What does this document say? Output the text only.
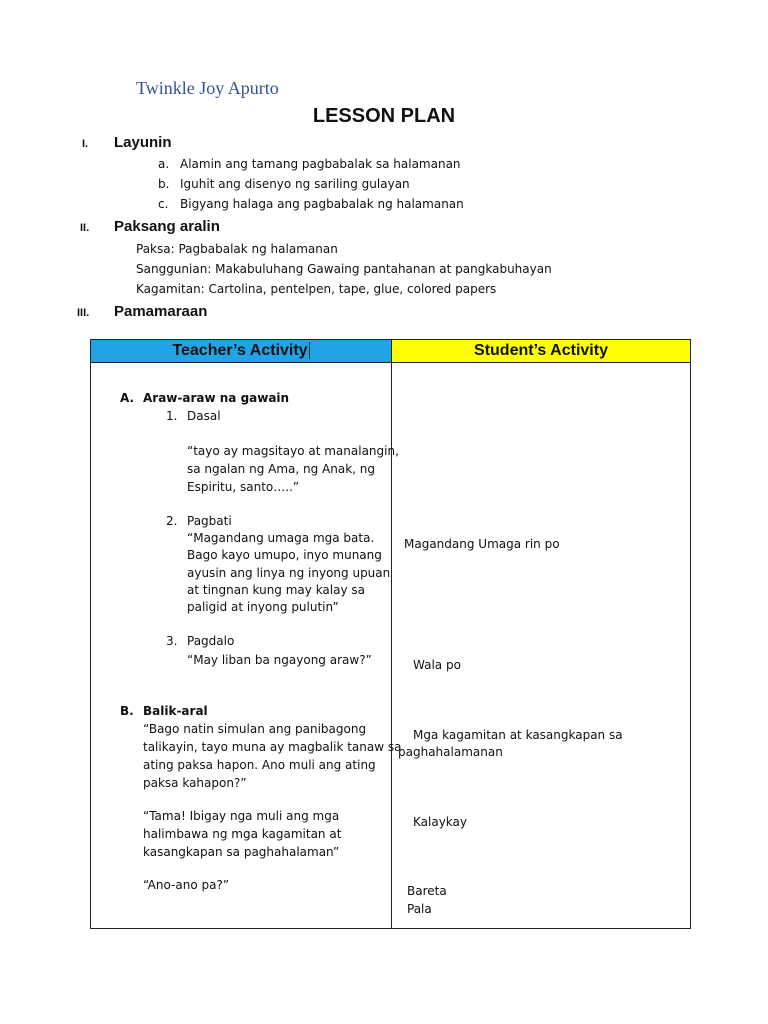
Twinkle Joy Apurto
LESSON PLAN
I. Layunin
a. Alamin ang tamang pagbabalak sa halamanan
b. Iguhit ang disenyo ng sariling gulayan
c. Bigyang halaga ang pagbabalak ng halamanan
II. Paksang aralin
Paksa: Pagbabalak ng halamanan
Sanggunian: Makabuluhang Gawaing pantahanan at pangkabuhayan
Kagamitan: Cartolina, pentelpen, tape, glue, colored papers
III. Pamamaraan
Teacher’s Activity	Student’s Activity
A. Araw-araw na gawain
1. Dasal
“tayo ay magsitayo at manalangin,
sa ngalan ng Ama, ng Anak, ng
Espiritu, santo…..”
2. Pagbati
“Magandang umaga mga bata.
Bago kayo umupo, inyo munang
ayusin ang linya ng inyong upuan
at tingnan kung may kalay sa
paligid at inyong pulutin”
3. Pagdalo
“May liban ba ngayong araw?”
B. Balik-aral
“Bago natin simulan ang panibagong
talikayin, tayo muna ay magbalik tanaw sa
ating paksa hapon. Ano muli ang ating
paksa kahapon?”
“Tama! Ibigay nga muli ang mga
halimbawa ng mga kagamitan at
kasangkapan sa paghahalaman”
“Ano-ano pa?”
Magandang Umaga rin po
Wala po
Mga kagamitan at kasangkapan sa
paghahalamanan
Kalaykay
Bareta
Pala
